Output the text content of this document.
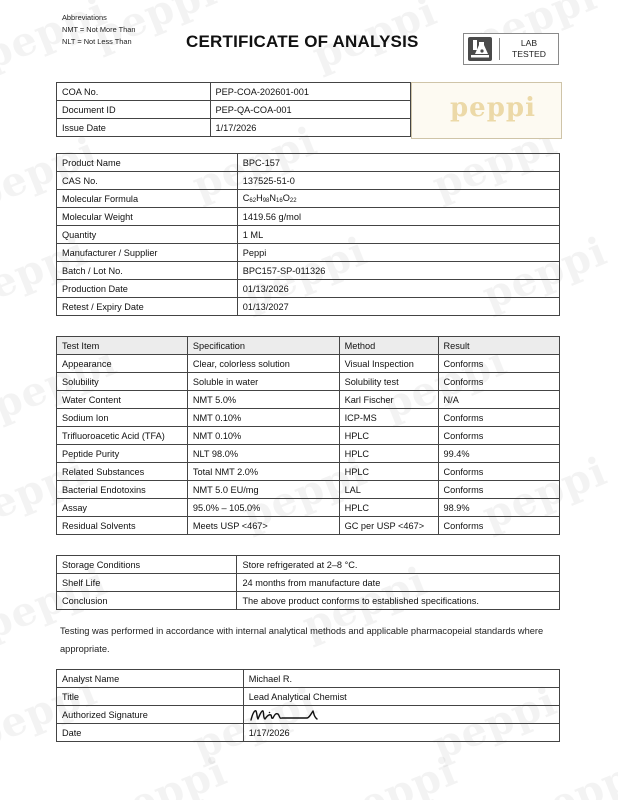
Abbreviations
NMT = Not More Than
NLT = Not Less Than	CERTIFICATE OF ANALYSIS	LAB
TESTED
COA No.	PEP-COA-202601-001
Document ID	PEP-QA-COA-001
Issue Date	1/17/2026
peppi
Product Name	BPC-157
CAS No.	137525-51-0
Molecular Formula	$C_{62}H_{98}N_{16}O_{22}$
Molecular Weight	1419.56 g/mol
Quantity	1 ML
Manufacturer / Supplier	Peppi
Batch / Lot No.	BPC157-SP-011326
Production Date	01/13/2026
Retest / Expiry Date	01/13/2027
Test Item	Specification	Method	Result
Appearance	Clear, colorless solution	Visual Inspection	Conforms
Solubility	Soluble in water	Solubility test	Conforms
Water Content	NMT 5.0%	Karl Fischer	N/A
Sodium Ion	NMT 0.10%	ICP-MS	Conforms
Trifluoroacetic Acid (TFA)	NMT 0.10%	HPLC	Conforms
Peptide Purity	NLT 98.0%	HPLC	99.4%
Related Substances	Total NMT 2.0%	HPLC	Conforms
Bacterial Endotoxins	NMT 5.0 EU/mg	LAL	Conforms
Assay	95.0% – 105.0%	HPLC	98.9%
Residual Solvents	Meets USP <467>	GC per USP <467>	Conforms
Storage Conditions	Store refrigerated at 2–8 °C.
Shelf Life	24 months from manufacture date
Conclusion	The above product conforms to established specifications.
Testing was performed in accordance with internal analytical methods and applicable pharmacopeial standards where appropriate.
Analyst Name	Michael R.
Title	Lead Analytical Chemist
Authorized Signature	

Date	1/17/2026
